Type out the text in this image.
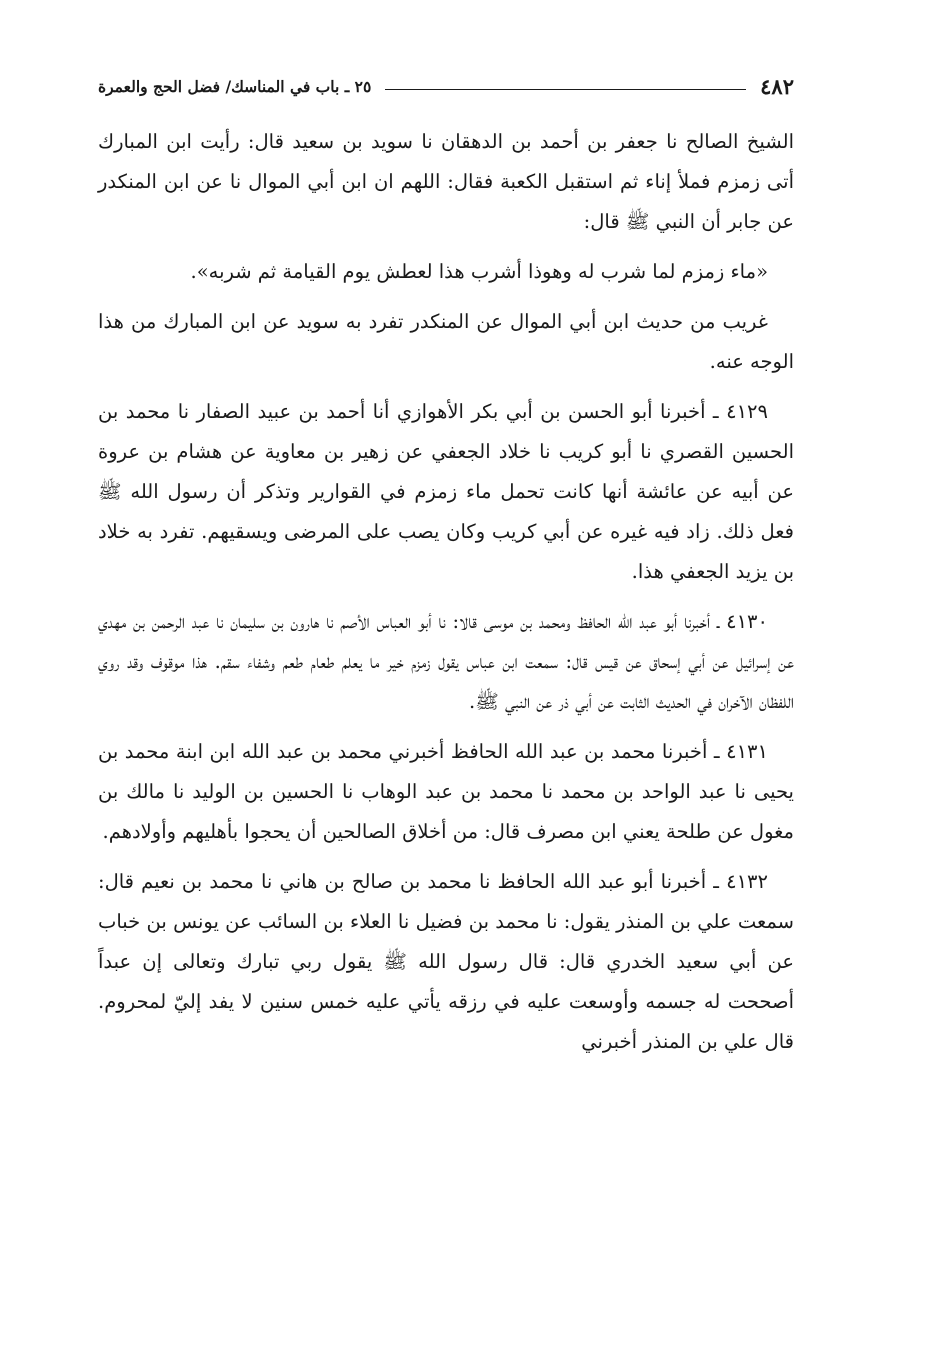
٤٨٢
٢٥ ـ باب في المناسك/ فضل الحج والعمرة

الشيخ الصالح نا جعفر بن أحمد بن الدهقان نا سويد بن سعيد قال: رأيت ابن المبارك أتى زمزم فملأ إناء ثم استقبل الكعبة فقال: اللهم ان ابن أبي الموال نا عن ابن المنكدر عن جابر أن النبي ﷺ قال:

«ماء زمزم لما شرب له وهوذا أشرب هذا لعطش يوم القيامة ثم شربه».

غريب من حديث ابن أبي الموال عن المنكدر تفرد به سويد عن ابن المبارك من هذا الوجه عنه.

٤١٢٩ ـ أخبرنا أبو الحسن بن أبي بكر الأهوازي أنا أحمد بن عبيد الصفار نا محمد بن الحسين القصري نا أبو كريب نا خلاد الجعفي عن زهير بن معاوية عن هشام بن عروة عن أبيه عن عائشة أنها كانت تحمل ماء زمزم في القوارير وتذكر أن رسول الله ﷺ فعل ذلك. زاد فيه غيره عن أبي كريب وكان يصب على المرضى ويسقيهم. تفرد به خلاد بن يزيد الجعفي هذا.

٤١٣٠ ـ أخبرنا أبو عبد الله الحافظ ومحمد بن موسى قالا: نا أبو العباس الأصم نا هارون بن سليمان نا عبد الرحمن بن مهدي عن إسرائيل عن أبي إسحاق عن قيس قال: سمعت ابن عباس يقول زمزم خير ما يعلم طعام طعم وشفاء سقم. هذا موقوف وقد روي اللفظان الآخران في الحديث الثابت عن أبي ذر عن النبي ﷺ.

٤١٣١ ـ أخبرنا محمد بن عبد الله الحافظ أخبرني محمد بن عبد الله ابن ابنة محمد بن يحيى نا عبد الواحد بن محمد نا محمد بن عبد الوهاب نا الحسين بن الوليد نا مالك بن مغول عن طلحة يعني ابن مصرف قال: من أخلاق الصالحين أن يحجوا بأهليهم وأولادهم.

٤١٣٢ ـ أخبرنا أبو عبد الله الحافظ نا محمد بن صالح بن هاني نا محمد بن نعيم قال: سمعت علي بن المنذر يقول: نا محمد بن فضيل نا العلاء بن السائب عن يونس بن خباب عن أبي سعيد الخدري قال: قال رسول الله ﷺ يقول ربي تبارك وتعالى إن عبداً أصححت له جسمه وأوسعت عليه في رزقه يأتي عليه خمس سنين لا يفد إليّ لمحروم. قال علي بن المنذر أخبرني
